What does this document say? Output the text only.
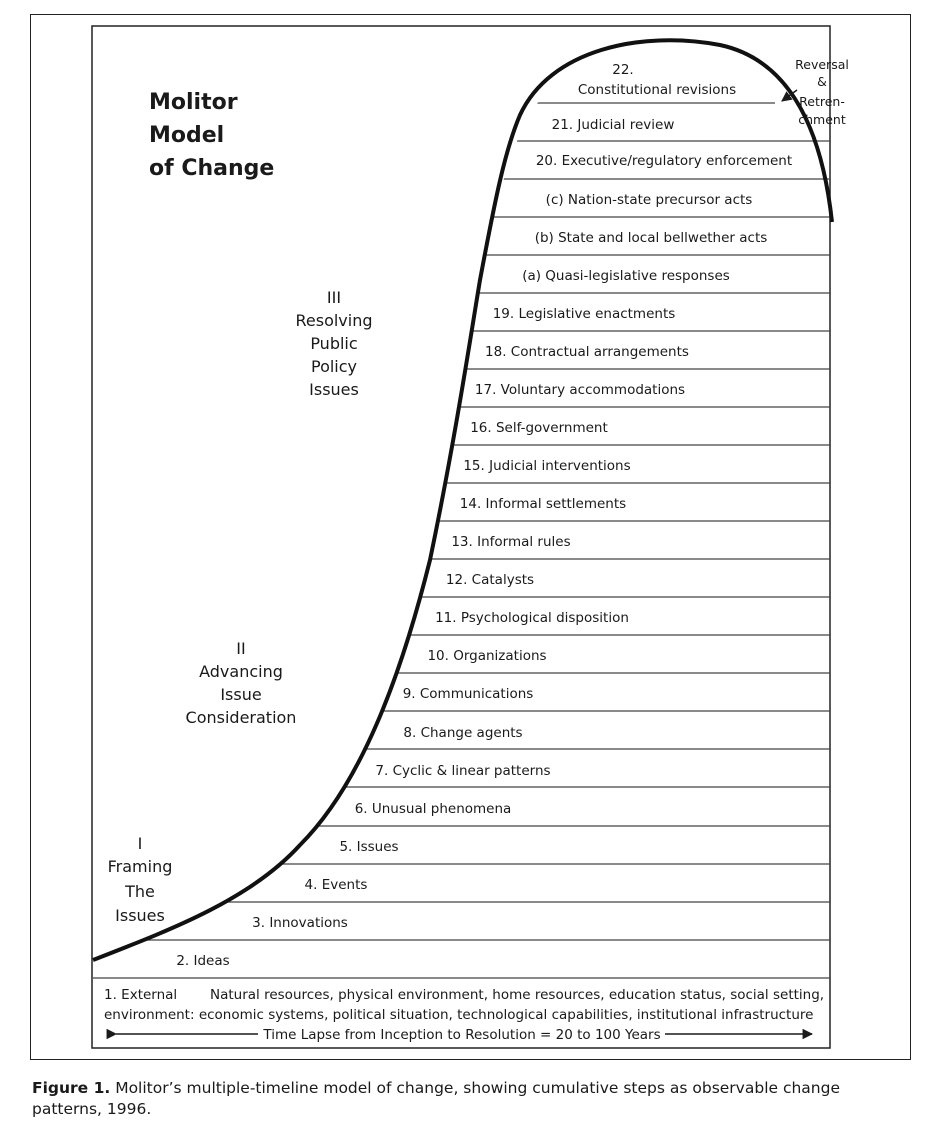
Molitor
Model
of Change
III
Resolving
Public
Policy
Issues
II
Advancing
Issue
Consideration
I
Framing
The
Issues
22.
Constitutional revisions
21. Judicial review
20. Executive/regulatory enforcement
(c) Nation-state precursor acts
(b) State and local bellwether acts
(a) Quasi-legislative responses
19. Legislative enactments
18. Contractual arrangements
17. Voluntary accommodations
16. Self-government
15. Judicial interventions
14. Informal settlements
13. Informal rules
12. Catalysts
11. Psychological disposition
10. Organizations
9. Communications
8. Change agents
7. Cyclic & linear patterns
6. Unusual phenomena
5. Issues
4. Events
3. Innovations
2. Ideas
Reversal
&
Retren-
chment
1. External Natural resources, physical environment, home resources, education status, social setting,
environment: economic systems, political situation, technological capabilities, institutional infrastructure
Time Lapse from Inception to Resolution = 20 to 100 Years
Figure 1. Molitor’s multiple-timeline model of change, showing cumulative steps as observable change patterns, 1996.
